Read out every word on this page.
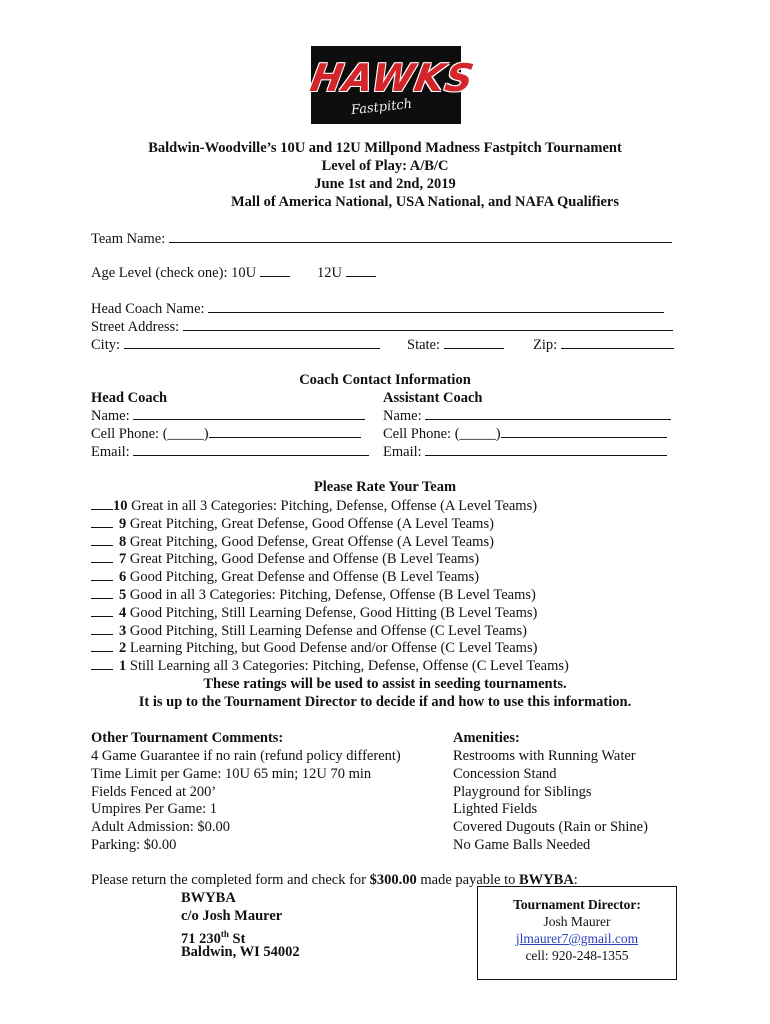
HAWKS
Fastpitch
Baldwin-Woodville’s 10U and 12U Millpond Madness Fastpitch Tournament
Level of Play: A/B/C
June 1st and 2nd, 2019
Mall of America National, USA National, and NAFA Qualifiers
Team Name:
Age Level (check one): 10U	12U
Head Coach Name:
Street Address:
City:	State:	Zip:
Coach Contact Information
Head Coach	Assistant Coach
Name:	Name:
Cell Phone: (_____)	Cell Phone: (_____)
Email:	Email:
Please Rate Your Team
10 Great in all 3 Categories: Pitching, Defense, Offense (A Level Teams)
9 Great Pitching, Great Defense, Good Offense (A Level Teams)
8 Great Pitching, Good Defense, Great Offense (A Level Teams)
7 Great Pitching, Good Defense and Offense (B Level Teams)
6 Good Pitching, Great Defense and Offense (B Level Teams)
5 Good in all 3 Categories: Pitching, Defense, Offense (B Level Teams)
4 Good Pitching, Still Learning Defense, Good Hitting (B Level Teams)
3 Good Pitching, Still Learning Defense and Offense (C Level Teams)
2 Learning Pitching, but Good Defense and/or Offense (C Level Teams)
1 Still Learning all 3 Categories: Pitching, Defense, Offense (C Level Teams)
These ratings will be used to assist in seeding tournaments.
It is up to the Tournament Director to decide if and how to use this information.
Other Tournament Comments:
4 Game Guarantee if no rain (refund policy different)
Time Limit per Game: 10U 65 min; 12U 70 min
Fields Fenced at 200’
Umpires Per Game: 1
Adult Admission: $0.00
Parking: $0.00
Amenities:
Restrooms with Running Water
Concession Stand
Playground for Siblings
Lighted Fields
Covered Dugouts (Rain or Shine)
No Game Balls Needed
Please return the completed form and check for $300.00 made payable to BWYBA:
BWYBA
c/o Josh Maurer
71 230th St
Baldwin, WI 54002
Tournament Director:
Josh Maurer
jlmaurer7@gmail.com
cell: 920-248-1355
